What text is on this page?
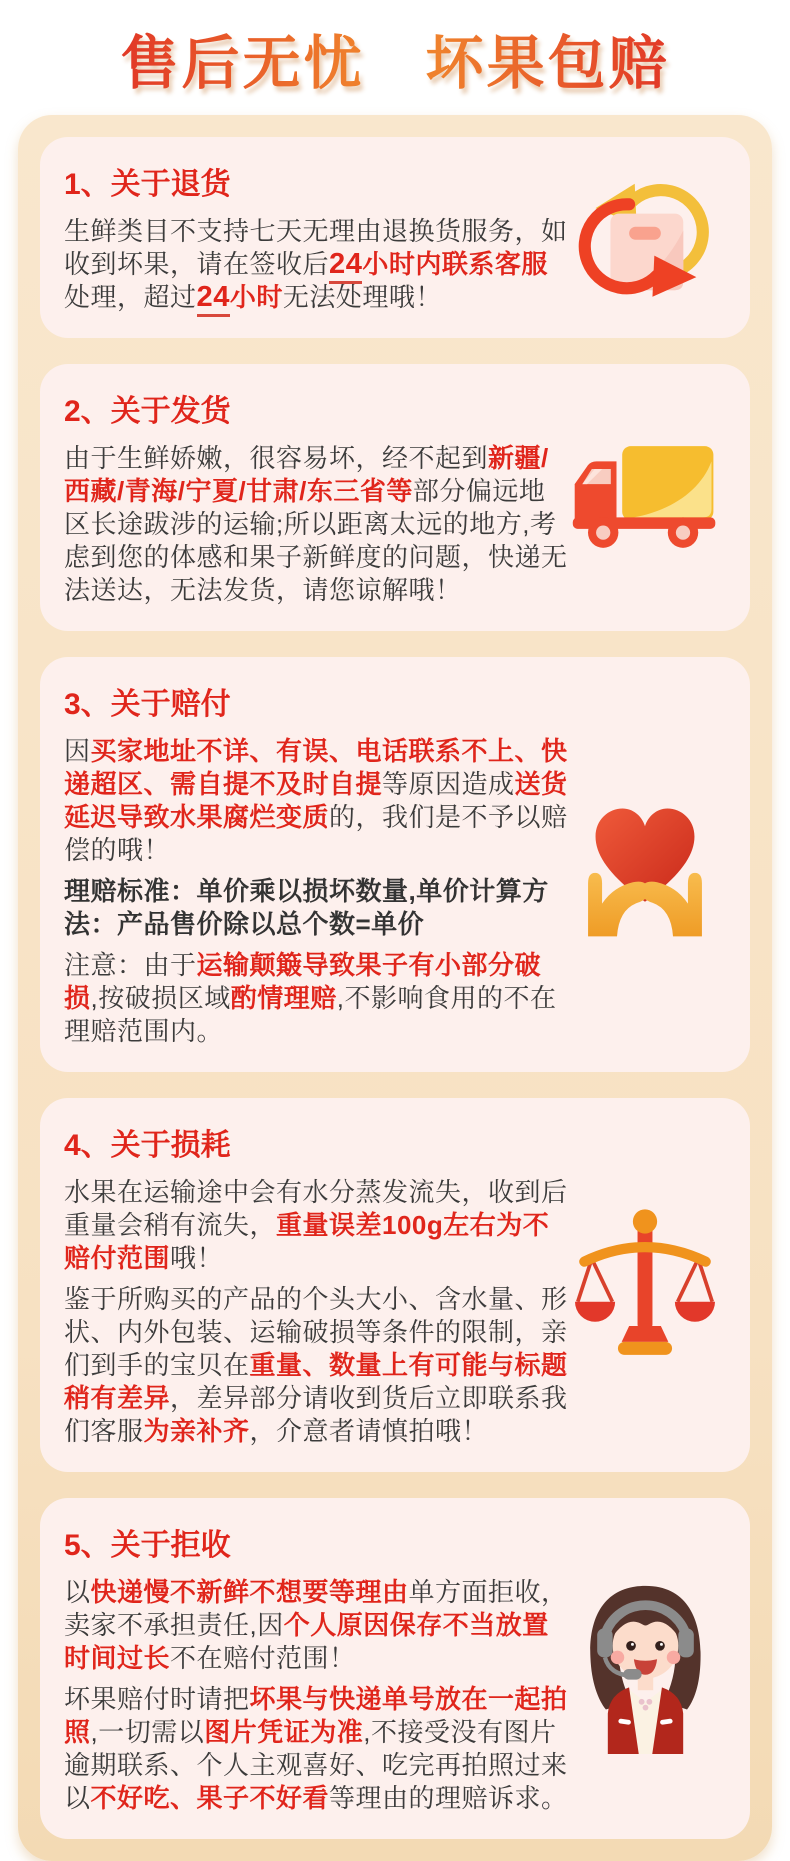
售后无忧　坏果包赔
1、关于退货

生鲜类目不支持七天无理由退换货服务，如收到坏果，请在签收后24小时内联系客服处理，超过24小时无法处理哦！

2、关于发货

由于生鲜娇嫩，很容易坏，经不起到新疆/西藏/青海/宁夏/甘肃/东三省等部分偏远地区长途跋涉的运输;所以距离太远的地方,考虑到您的体感和果子新鲜度的问题，快递无法送达，无法发货，请您谅解哦！

3、关于赔付

因买家地址不详、有误、电话联系不上、快递超区、需自提不及时自提等原因造成送货延迟导致水果腐烂变质的，我们是不予以赔偿的哦！

理赔标准：单价乘以损坏数量,单价计算方法：产品售价除以总个数=单价

注意：由于运输颠簸导致果子有小部分破损,按破损区域酌情理赔,不影响食用的不在理赔范围内。

4、关于损耗

水果在运输途中会有水分蒸发流失，收到后重量会稍有流失，重量误差100g左右为不赔付范围哦！

鉴于所购买的产品的个头大小、含水量、形状、内外包装、运输破损等条件的限制，亲们到手的宝贝在重量、数量上有可能与标题稍有差异，差异部分请收到货后立即联系我们客服为亲补齐，介意者请慎拍哦！

5、关于拒收

以快递慢不新鲜不想要等理由单方面拒收，卖家不承担责任,因个人原因保存不当放置时间过长不在赔付范围！

坏果赔付时请把坏果与快递单号放在一起拍照,一切需以图片凭证为准,不接受没有图片逾期联系、个人主观喜好、吃完再拍照过来以不好吃、果子不好看等理由的理赔诉求。
